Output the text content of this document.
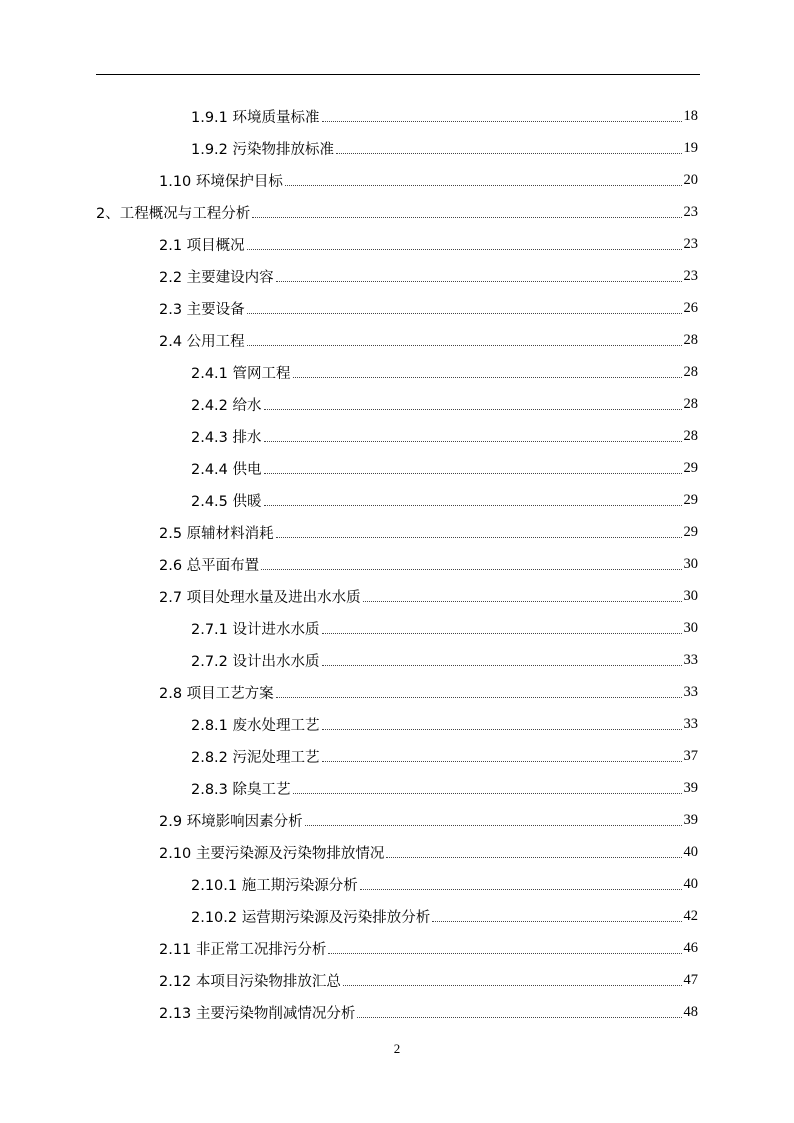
1.9.1 环境质量标准	18
1.9.2 污染物排放标准	19
1.10 环境保护目标	20
2、工程概况与工程分析	23
2.1 项目概况	23
2.2 主要建设内容	23
2.3 主要设备	26
2.4 公用工程	28
2.4.1 管网工程	28
2.4.2 给水	28
2.4.3 排水	28
2.4.4 供电	29
2.4.5 供暖	29
2.5 原辅材料消耗	29
2.6 总平面布置	30
2.7 项目处理水量及进出水水质	30
2.7.1 设计进水水质	30
2.7.2 设计出水水质	33
2.8 项目工艺方案	33
2.8.1 废水处理工艺	33
2.8.2 污泥处理工艺	37
2.8.3 除臭工艺	39
2.9 环境影响因素分析	39
2.10 主要污染源及污染物排放情况	40
2.10.1 施工期污染源分析	40
2.10.2 运营期污染源及污染排放分析	42
2.11 非正常工况排污分析	46
2.12 本项目污染物排放汇总	47
2.13 主要污染物削减情况分析	48
2
